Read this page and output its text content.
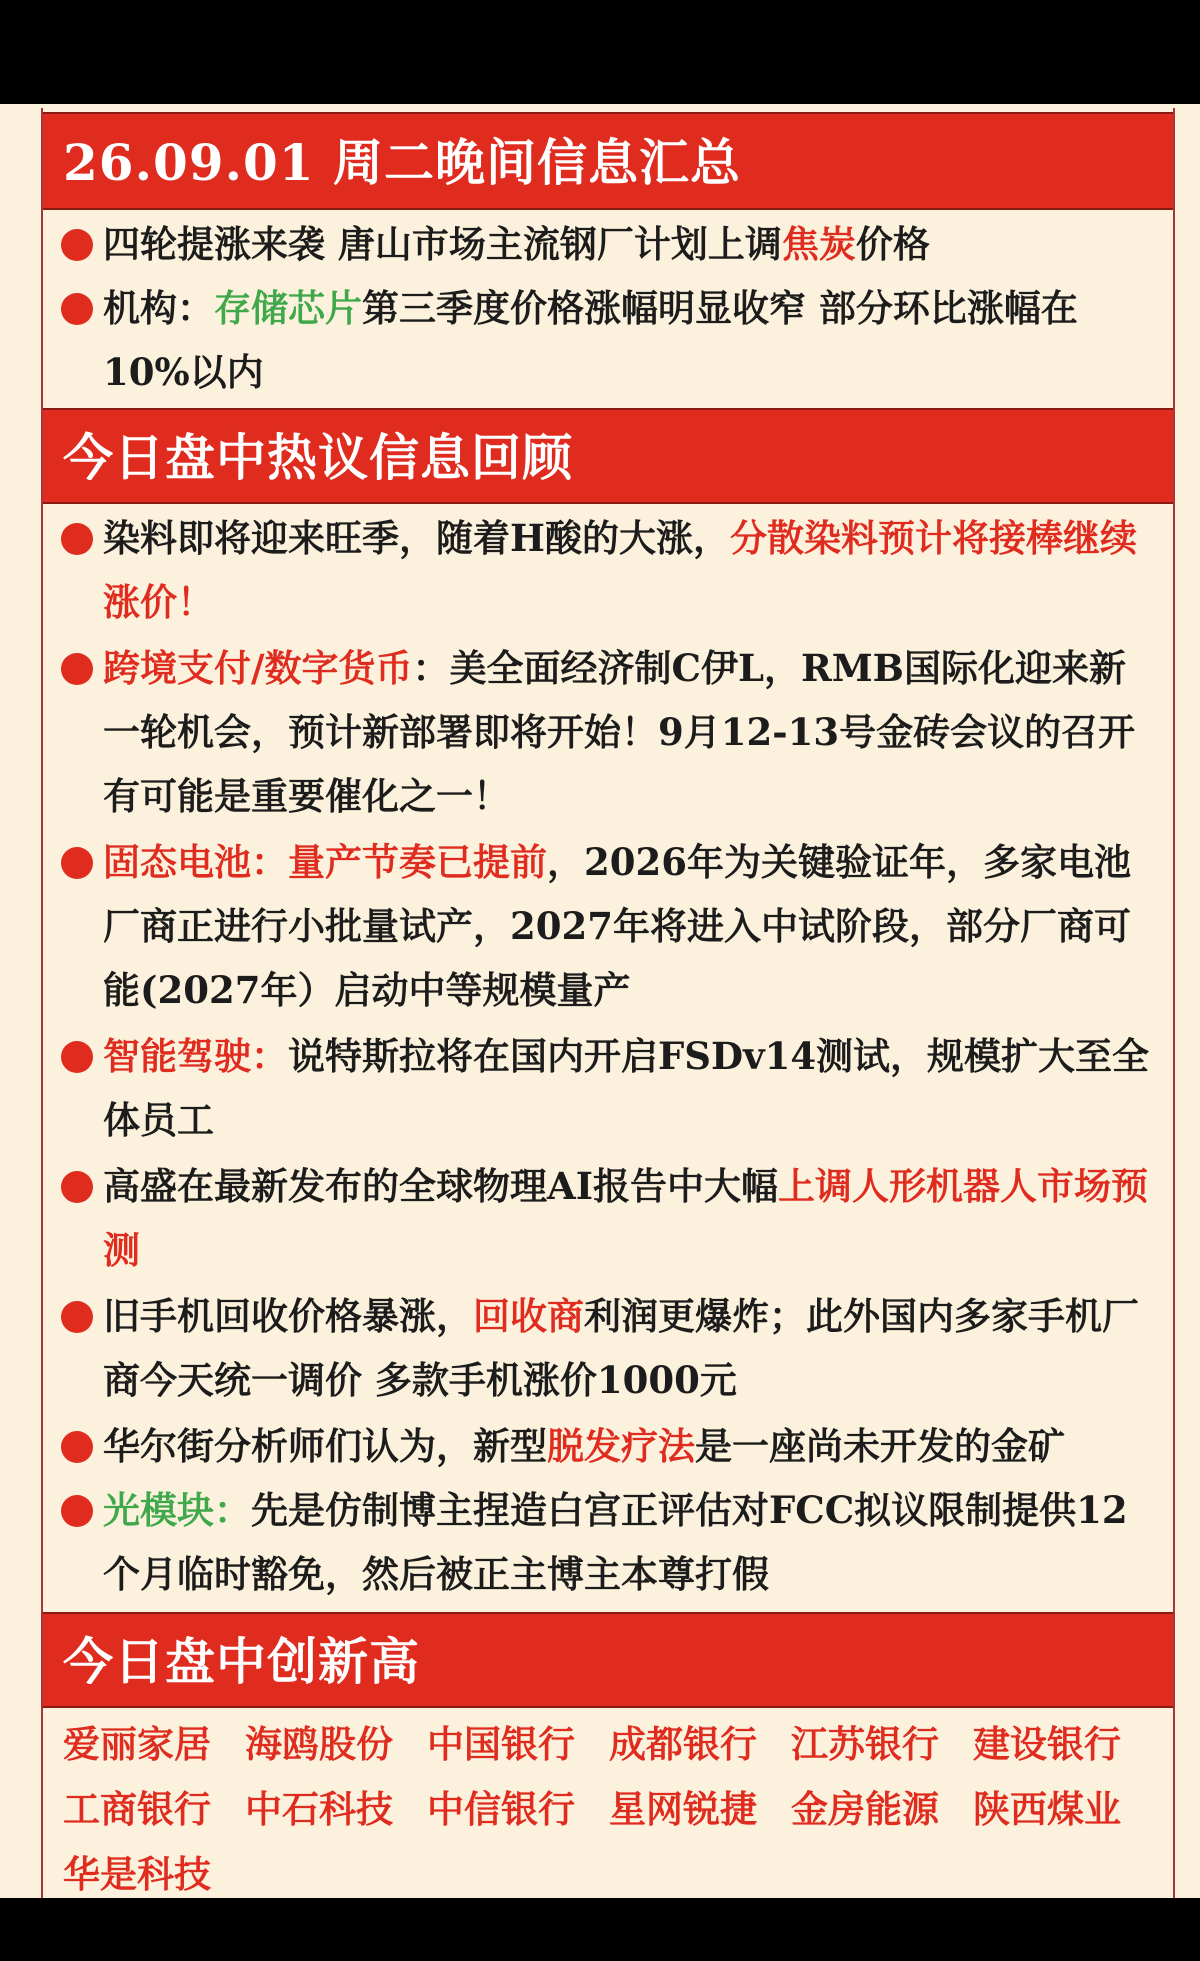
26.09.01 周二晚间信息汇总
四轮提涨来袭 唐山市场主流钢厂计划上调焦炭价格
机构：存储芯片第三季度价格涨幅明显收窄 部分环比涨幅在10%以内
今日盘中热议信息回顾
染料即将迎来旺季，随着H酸的大涨，分散染料预计将接棒继续涨价！
跨境支付/数字货币：美全面经济制C伊L，RMB国际化迎来新一轮机会，预计新部署即将开始！9月12-13号金砖会议的召开有可能是重要催化之一！
固态电池：量产节奏已提前，2026年为关键验证年，多家电池厂商正进行小批量试产，2027年将进入中试阶段，部分厂商可能(2027年）启动中等规模量产
智能驾驶：说特斯拉将在国内开启FSDv14测试，规模扩大至全体员工
高盛在最新发布的全球物理AI报告中大幅上调人形机器人市场预测
旧手机回收价格暴涨，回收商利润更爆炸；此外国内多家手机厂商今天统一调价 多款手机涨价1000元
华尔街分析师们认为，新型脱发疗法是一座尚未开发的金矿
光模块：先是仿制博主捏造白宫正评估对FCC拟议限制提供12个月临时豁免，然后被正主博主本尊打假
今日盘中创新高
爱丽家居 海鸥股份 中国银行 成都银行 江苏银行 建设银行工商银行 中石科技 中信银行 星网锐捷 金房能源 陕西煤业华是科技
